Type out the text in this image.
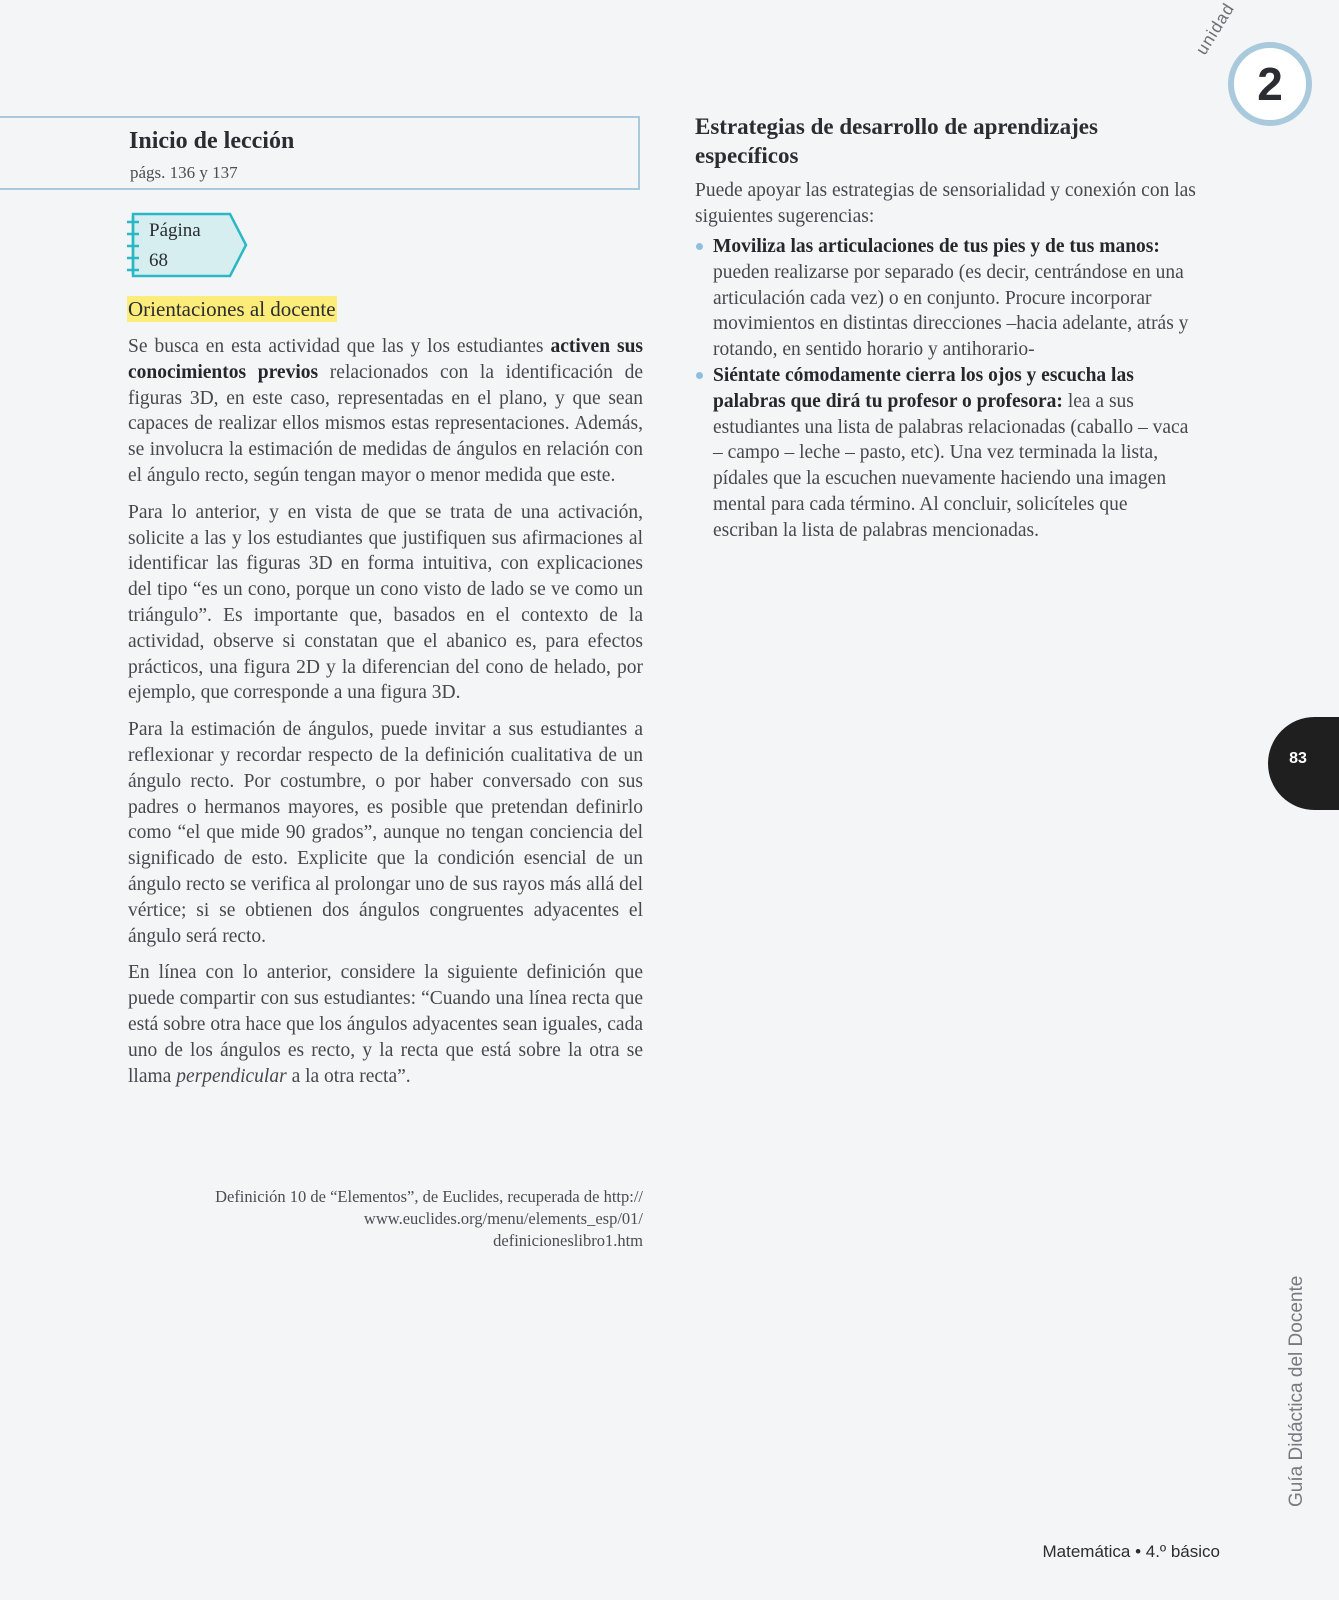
Inicio de lección
págs. 136 y 137
Página
68
Orientaciones al docente

Se busca en esta actividad que las y los estudiantes activen sus conocimientos previos relacionados con la identificación de figuras 3D, en este caso, representadas en el plano, y que sean capaces de realizar ellos mismos estas representaciones. Además, se involucra la estimación de medidas de ángulos en relación con el ángulo recto, según tengan mayor o menor medida que este.

Para lo anterior, y en vista de que se trata de una activación, solicite a las y los estudiantes que justifiquen sus afirmaciones al identificar las figuras 3D en forma intuitiva, con explicaciones del tipo “es un cono, porque un cono visto de lado se ve como un triángulo”. Es importante que, basados en el contexto de la actividad, observe si constatan que el abanico es, para efectos prácticos, una figura 2D y la diferencian del cono de helado, por ejemplo, que corresponde a una figura 3D.

Para la estimación de ángulos, puede invitar a sus estudiantes a reflexionar y recordar respecto de la definición cualitativa de un ángulo recto. Por costumbre, o por haber conversado con sus padres o hermanos mayores, es posible que pretendan definirlo como “el que mide 90 grados”, aunque no tengan conciencia del significado de esto. Explicite que la condición esencial de un ángulo recto se verifica al prolongar uno de sus rayos más allá del vértice; si se obtienen dos ángulos congruentes adyacentes el ángulo será recto.

En línea con lo anterior, considere la siguiente definición que puede compartir con sus estudiantes: “Cuando una línea recta que está sobre otra hace que los ángulos adyacentes sean iguales, cada uno de los ángulos es recto, y la recta que está sobre la otra se llama perpendicular a la otra recta”.

Definición 10 de “Elementos”, de Euclides, recuperada de http://
www.euclides.org/menu/elements_esp/01/
definicioneslibro1.htm
Estrategias de desarrollo de aprendizajes específicos

Puede apoyar las estrategias de sensorialidad y conexión con las siguientes sugerencias:

Moviliza las articulaciones de tus pies y de tus manos: pueden realizarse por separado (es decir, centrándose en una articulación cada vez) o en conjunto. Procure incorporar movimientos en distintas direcciones –hacia adelante, atrás y rotando, en sentido horario y antihorario-
Siéntate cómodamente cierra los ojos y escucha las palabras que dirá tu profesor o profesora: lea a sus estudiantes una lista de palabras relacionadas (caballo – vaca – campo – leche – pasto, etc). Una vez terminada la lista, pídales que la escuchen nuevamente haciendo una imagen mental para cada término. Al concluir, solicíteles que escriban la lista de palabras mencionadas.
unidad
2
83
Guía Didáctica del Docente
Matemática • 4.º básico
